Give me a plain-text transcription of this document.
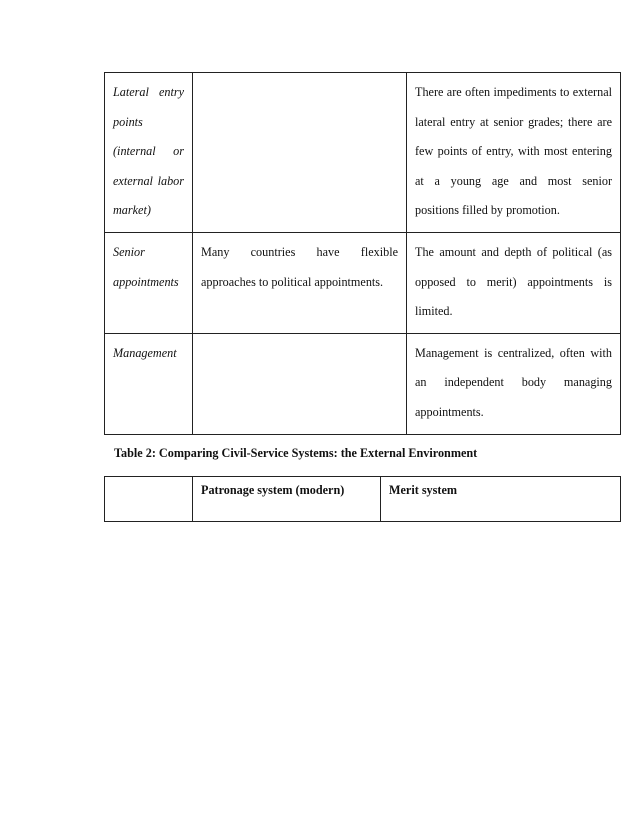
Lateral entry points (internal or external labor market)		There are often impediments to external lateral entry at senior grades; there are few points of entry, with most entering at a young age and most senior positions filled by promotion.
Senior appointments	Many countries have flexible approaches to political appointments.	The amount and depth of political (as opposed to merit) appointments is limited.
Management		Management is centralized, often with an independent body managing appointments.
Table 2: Comparing Civil-Service Systems: the External Environment
	Patronage system (modern)	Merit system
